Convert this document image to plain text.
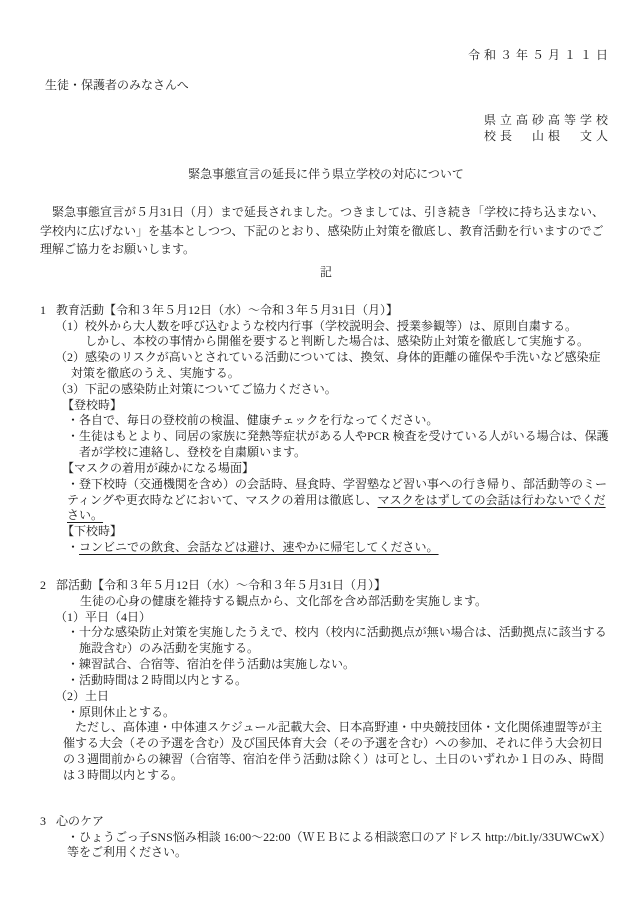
令和３年５月１１日
生徒・保護者のみなさんへ
県立高砂高等学校
校長　山根　文人
緊急事態宣言の延長に伴う県立学校の対応について

　緊急事態宣言が５月31日（月）まで延長されました。つきましては、引き続き「学校に持ち込まない、学校内に広げない」を基本としつつ、下記のとおり、感染防止対策を徹底し、教育活動を行いますのでご理解ご協力をお願いします。

記
1 教育活動【令和３年５月12日（水）～令和３年５月31日（月）】
（1）校外から大人数を呼び込むような校内行事（学校説明会、授業参観等）は、原則自粛する。
しかし、本校の事情から開催を要すると判断した場合は、感染防止対策を徹底して実施する。
（2）感染のリスクが高いとされている活動については、換気、身体的距離の確保や手洗いなど感染症対策を徹底のうえ、実施する。
（3）下記の感染防止対策についてご協力ください。
【登校時】
・各自で、毎日の登校前の検温、健康チェックを行なってください。
・生徒はもとより、同居の家族に発熱等症状がある人やPCR 検査を受けている人がいる場合は、保護者が学校に連絡し、登校を自粛願います。
【マスクの着用が疎かになる場面】
・登下校時（交通機関を含め）の会話時、昼食時、学習塾など習い事への行き帰り、部活動等のミーティングや更衣時などにおいて、マスクの着用は徹底し、マスクをはずしての会話は行わないでください。
【下校時】
・コンビニでの飲食、会話などは避け、速やかに帰宅してください。
2 部活動【令和３年５月12日（水）～令和３年５月31日（月）】
生徒の心身の健康を維持する観点から、文化部を含め部活動を実施します。
（1）平日（4日）
・十分な感染防止対策を実施したうえで、校内（校内に活動拠点が無い場合は、活動拠点に該当する施設含む）のみ活動を実施する。
・練習試合、合宿等、宿泊を伴う活動は実施しない。
・活動時間は２時間以内とする。
（2）土日
・原則休止とする。
　ただし、高体連・中体連スケジュール記載大会、日本高野連・中央競技団体・文化関係連盟等が主催する大会（その予選を含む）及び国民体育大会（その予選を含む）への参加、それに伴う大会初日の３週間前からの練習（合宿等、宿泊を伴う活動は除く）は可とし、土日のいずれか１日のみ、時間は３時間以内とする。
3 心のケア
・ひょうごっ子SNS悩み相談 16:00～22:00（ＷＥＢによる相談窓口のアドレス http://bit.ly/33UWCwX）等をご利用ください。
